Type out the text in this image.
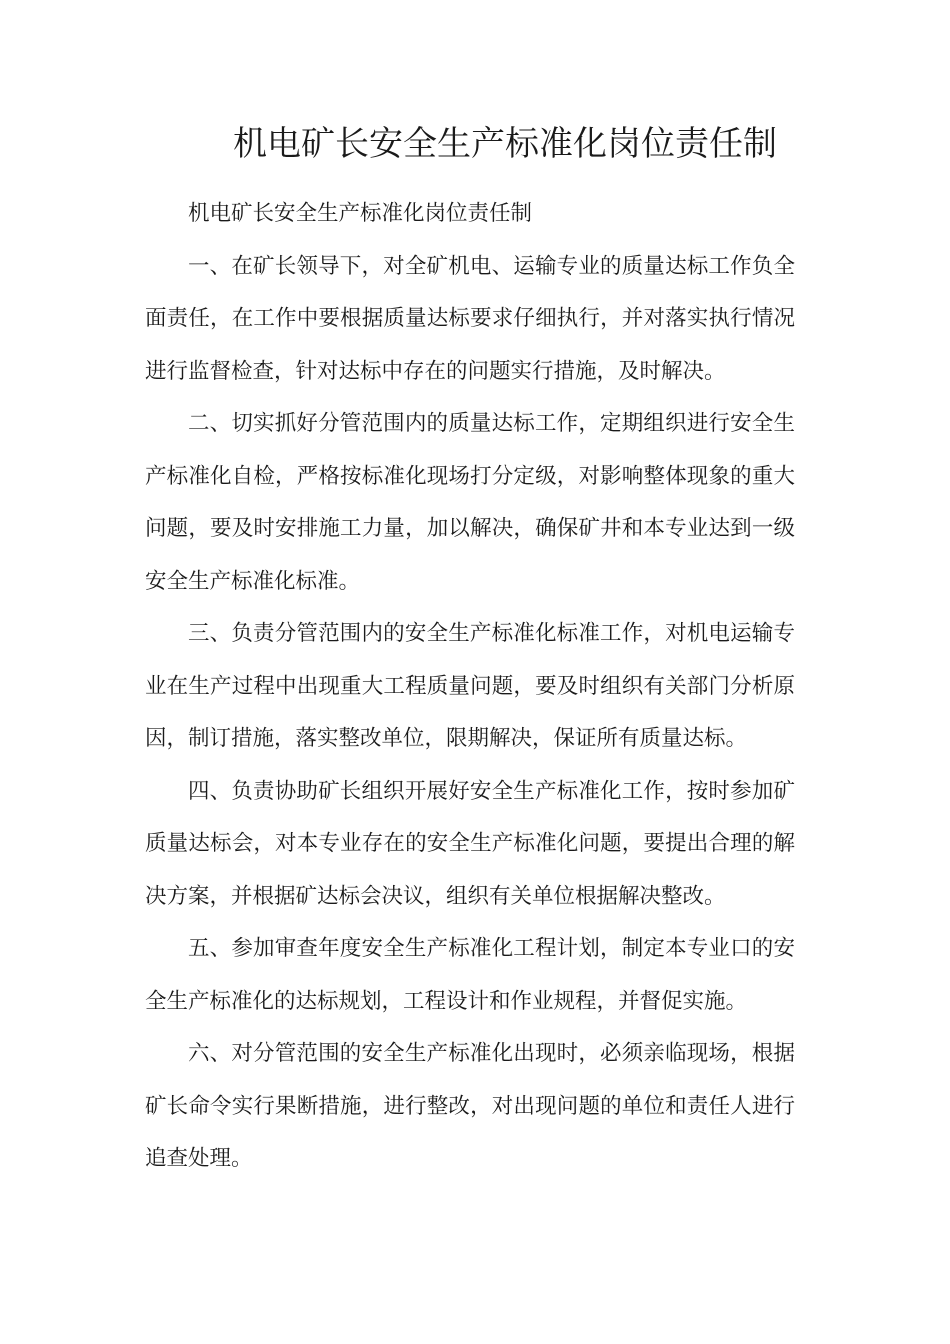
机电矿长安全生产标准化岗位责任制

机电矿长安全生产标准化岗位责任制

一、在矿长领导下，对全矿机电、运输专业的质量达标工作负全面责任，在工作中要根据质量达标要求仔细执行，并对落实执行情况进行监督检查，针对达标中存在的问题实行措施，及时解决。

二、切实抓好分管范围内的质量达标工作，定期组织进行安全生产标准化自检，严格按标准化现场打分定级，对影响整体现象的重大问题，要及时安排施工力量，加以解决，确保矿井和本专业达到一级安全生产标准化标准。

三、负责分管范围内的安全生产标准化标准工作，对机电运输专业在生产过程中出现重大工程质量问题，要及时组织有关部门分析原因，制订措施，落实整改单位，限期解决，保证所有质量达标。

四、负责协助矿长组织开展好安全生产标准化工作，按时参加矿质量达标会，对本专业存在的安全生产标准化问题，要提出合理的解决方案，并根据矿达标会决议，组织有关单位根据解决整改。

五、参加审查年度安全生产标准化工程计划，制定本专业口的安全生产标准化的达标规划，工程设计和作业规程，并督促实施。

六、对分管范围的安全生产标准化出现时，必须亲临现场，根据矿长命令实行果断措施，进行整改，对出现问题的单位和责任人进行追查处理。
